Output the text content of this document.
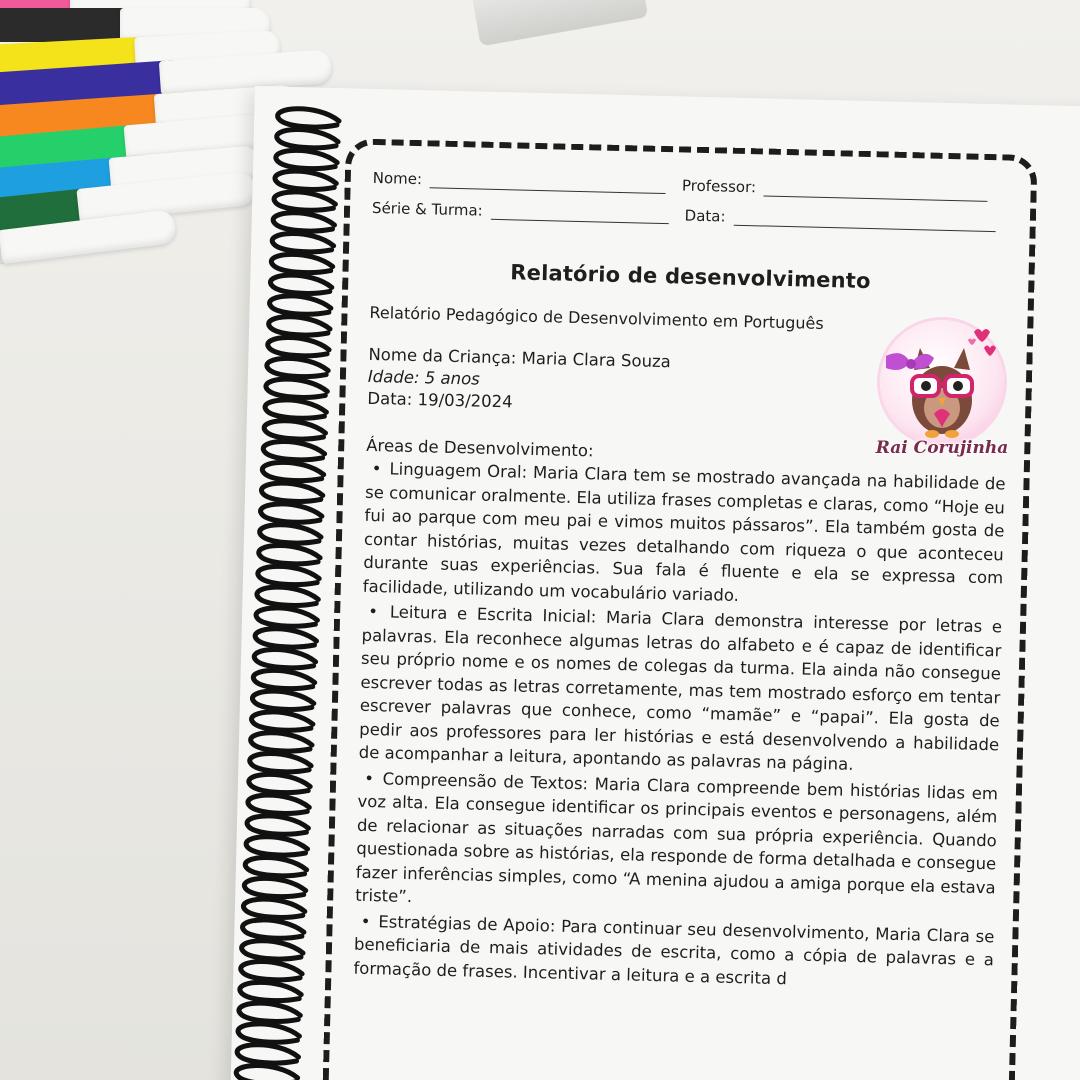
Nome:	Professor:
Série & Turma:	Data:
Relatório de desenvolvimento
Relatório Pedagógico de Desenvolvimento em Português
Nome da Criança: Maria Clara Souza
Idade: 5 anos
Data: 19/03/2024
Áreas de Desenvolvimento:
• Linguagem Oral: Maria Clara tem se mostrado avançada na habilidade de se comunicar oralmente. Ela utiliza frases completas e claras, como “Hoje eu fui ao parque com meu pai e vimos muitos pássaros”. Ela também gosta de contar histórias, muitas vezes detalhando com riqueza o que aconteceu durante suas experiências. Sua fala é fluente e ela se expressa com facilidade, utilizando um vocabulário variado.
• Leitura e Escrita Inicial: Maria Clara demonstra interesse por letras e palavras. Ela reconhece algumas letras do alfabeto e é capaz de identificar seu próprio nome e os nomes de colegas da turma. Ela ainda não consegue escrever todas as letras corretamente, mas tem mostrado esforço em tentar escrever palavras que conhece, como “mamãe” e “papai”. Ela gosta de pedir aos professores para ler histórias e está desenvolvendo a habilidade de acompanhar a leitura, apontando as palavras na página.
• Compreensão de Textos: Maria Clara compreende bem histórias lidas em voz alta. Ela consegue identificar os principais eventos e personagens, além de relacionar as situações narradas com sua própria experiência. Quando questionada sobre as histórias, ela responde de forma detalhada e consegue fazer inferências simples, como “A menina ajudou a amiga porque ela estava triste”.
• Estratégias de Apoio: Para continuar seu desenvolvimento, Maria Clara se beneficiaria de mais atividades de escrita, como a cópia de palavras e a formação de frases. Incentivar a leitura e a escrita d
Rai Corujinha
